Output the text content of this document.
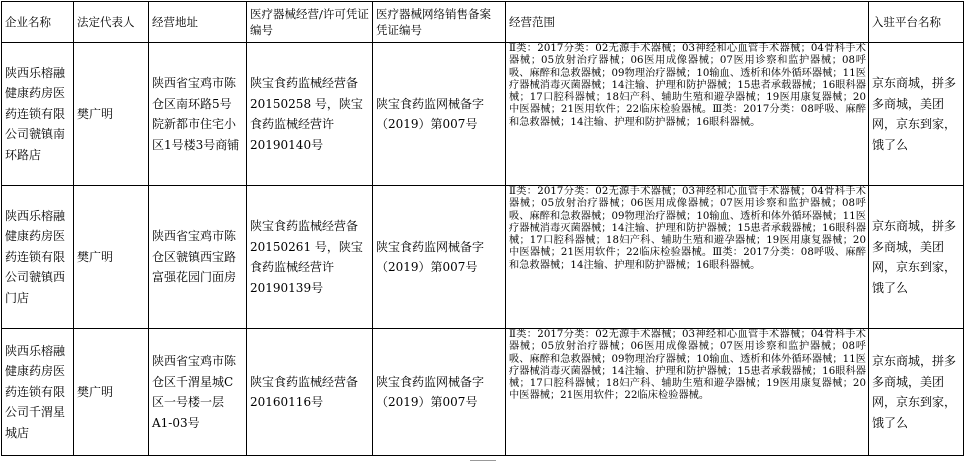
企业名称	法定代表人	经营地址	医疗器械经营/许可凭证编号	医疗器械网络销售备案凭证编号	经营范围	入驻平台名称
陕西乐榕融健康药房医药连锁有限公司虢镇南环路店	樊广明	陕西省宝鸡市陈仓区南环路5号院新都市住宅小区1号楼3号商铺	陕宝食药监械经营备 20150258 号，陕宝食药监械经营许 20190140号	陕宝食药监网械备字（2019）第007号	Ⅱ类：2017分类：02无源手术器械；03神经和心血管手术器械；04骨科手术器械；05放射治疗器械；06医用成像器械；07医用诊察和监护器械；08呼吸、麻醉和急救器械；09物理治疗器械；10输血、透析和体外循环器械；11医疗器械消毒灭菌器械；14注输、护理和防护器械；15患者承载器械；16眼科器械；17口腔科器械；18妇产科、辅助生殖和避孕器械；19医用康复器械；20中医器械；21医用软件；22临床检验器械。Ⅲ类：2017分类：08呼吸、麻醉和急救器械；14注输、护理和防护器械；16眼科器械。	京东商城，拼多多商城，美团网，京东到家，饿了么
陕西乐榕融健康药房医药连锁有限公司虢镇西门店	樊广明	陕西省宝鸡市陈仓区虢镇西宝路富强花园门面房	陕宝食药监械经营备 20150261 号，陕宝食药监械经营许 20190139号	陕宝食药监网械备字（2019）第007号	Ⅱ类：2017分类：02无源手术器械；03神经和心血管手术器械；04骨科手术器械；05放射治疗器械；06医用成像器械；07医用诊察和监护器械；08呼吸、麻醉和急救器械；09物理治疗器械；10输血、透析和体外循环器械；11医疗器械消毒灭菌器械；14注输、护理和防护器械；15患者承载器械；16眼科器械；17口腔科器械；18妇产科、辅助生殖和避孕器械；19医用康复器械；20中医器械；21医用软件；22临床检验器械。Ⅲ类：2017分类：08呼吸、麻醉和急救器械；14注输、护理和防护器械；16眼科器械。	京东商城，拼多多商城，美团网，京东到家，饿了么
陕西乐榕融健康药房医药连锁有限公司千渭星城店	樊广明	陕西省宝鸡市陈仓区千渭星城C区一号楼一层A1-03号	陕宝食药监械经营备 20160116号	陕宝食药监网械备字（2019）第007号	Ⅱ类：2017分类：02无源手术器械；03神经和心血管手术器械；04骨科手术器械；05放射治疗器械；06医用成像器械；07医用诊察和监护器械；08呼吸、麻醉和急救器械；09物理治疗器械；10输血、透析和体外循环器械；11医疗器械消毒灭菌器械；14注输、护理和防护器械；15患者承载器械；16眼科器械；17口腔科器械；18妇产科、辅助生殖和避孕器械；19医用康复器械；20中医器械；21医用软件；22临床检验器械。	京东商城，拼多多商城，美团网，京东到家，饿了么
